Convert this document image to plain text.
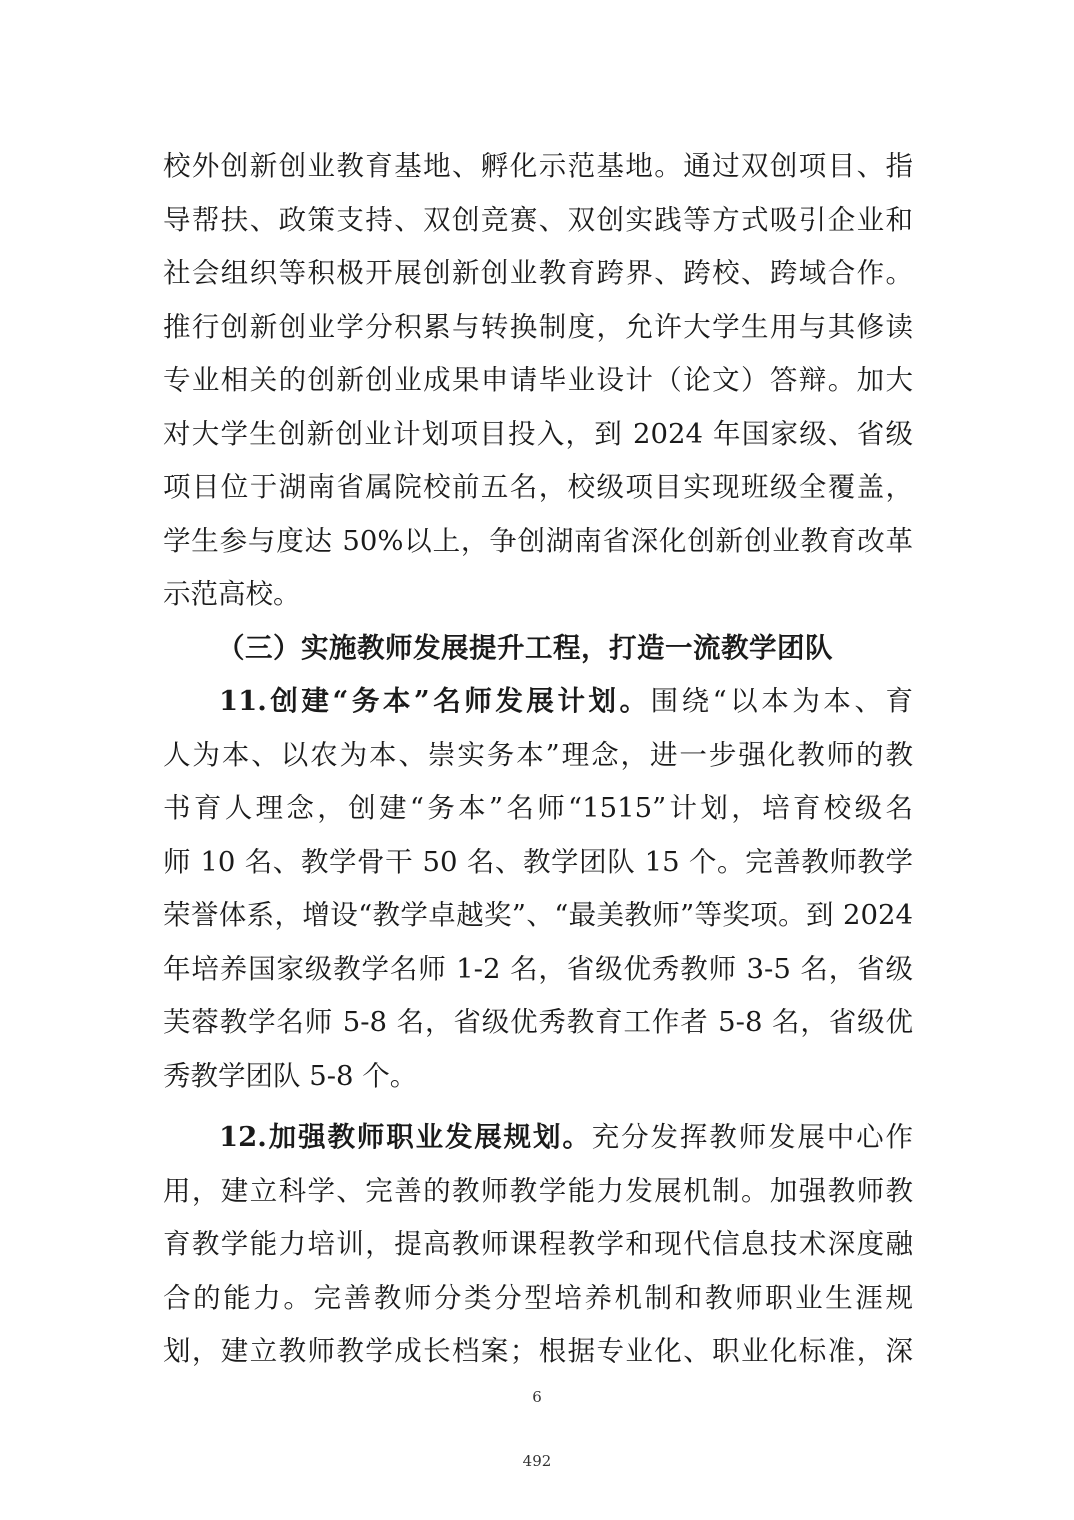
校外创新创业教育基地、孵化示范基地。通过双创项目、指
导帮扶、政策支持、双创竞赛、双创实践等方式吸引企业和
社会组织等积极开展创新创业教育跨界、跨校、跨域合作。
推行创新创业学分积累与转换制度，允许大学生用与其修读
专业相关的创新创业成果申请毕业设计（论文）答辩。加大
对大学生创新创业计划项目投入，到 2024 年国家级、省级
项目位于湖南省属院校前五名，校级项目实现班级全覆盖，
学生参与度达 50%以上，争创湖南省深化创新创业教育改革
示范高校。
（三）实施教师发展提升工程，打造一流教学团队
11.创建“务本”名师发展计划。围绕“以本为本、育
人为本、以农为本、崇实务本”理念，进一步强化教师的教
书育人理念，创建“务本”名师“1515”计划，培育校级名
师 10 名、教学骨干 50 名、教学团队 15 个。完善教师教学
荣誉体系，增设“教学卓越奖”、“最美教师”等奖项。到 2024
年培养国家级教学名师 1-2 名，省级优秀教师 3-5 名，省级
芙蓉教学名师 5-8 名，省级优秀教育工作者 5-8 名，省级优
秀教学团队 5-8 个。
12.加强教师职业发展规划。充分发挥教师发展中心作
用，建立科学、完善的教师教学能力发展机制。加强教师教
育教学能力培训，提高教师课程教学和现代信息技术深度融
合的能力。完善教师分类分型培养机制和教师职业生涯规
划，建立教师教学成长档案；根据专业化、职业化标准，深
6
492
